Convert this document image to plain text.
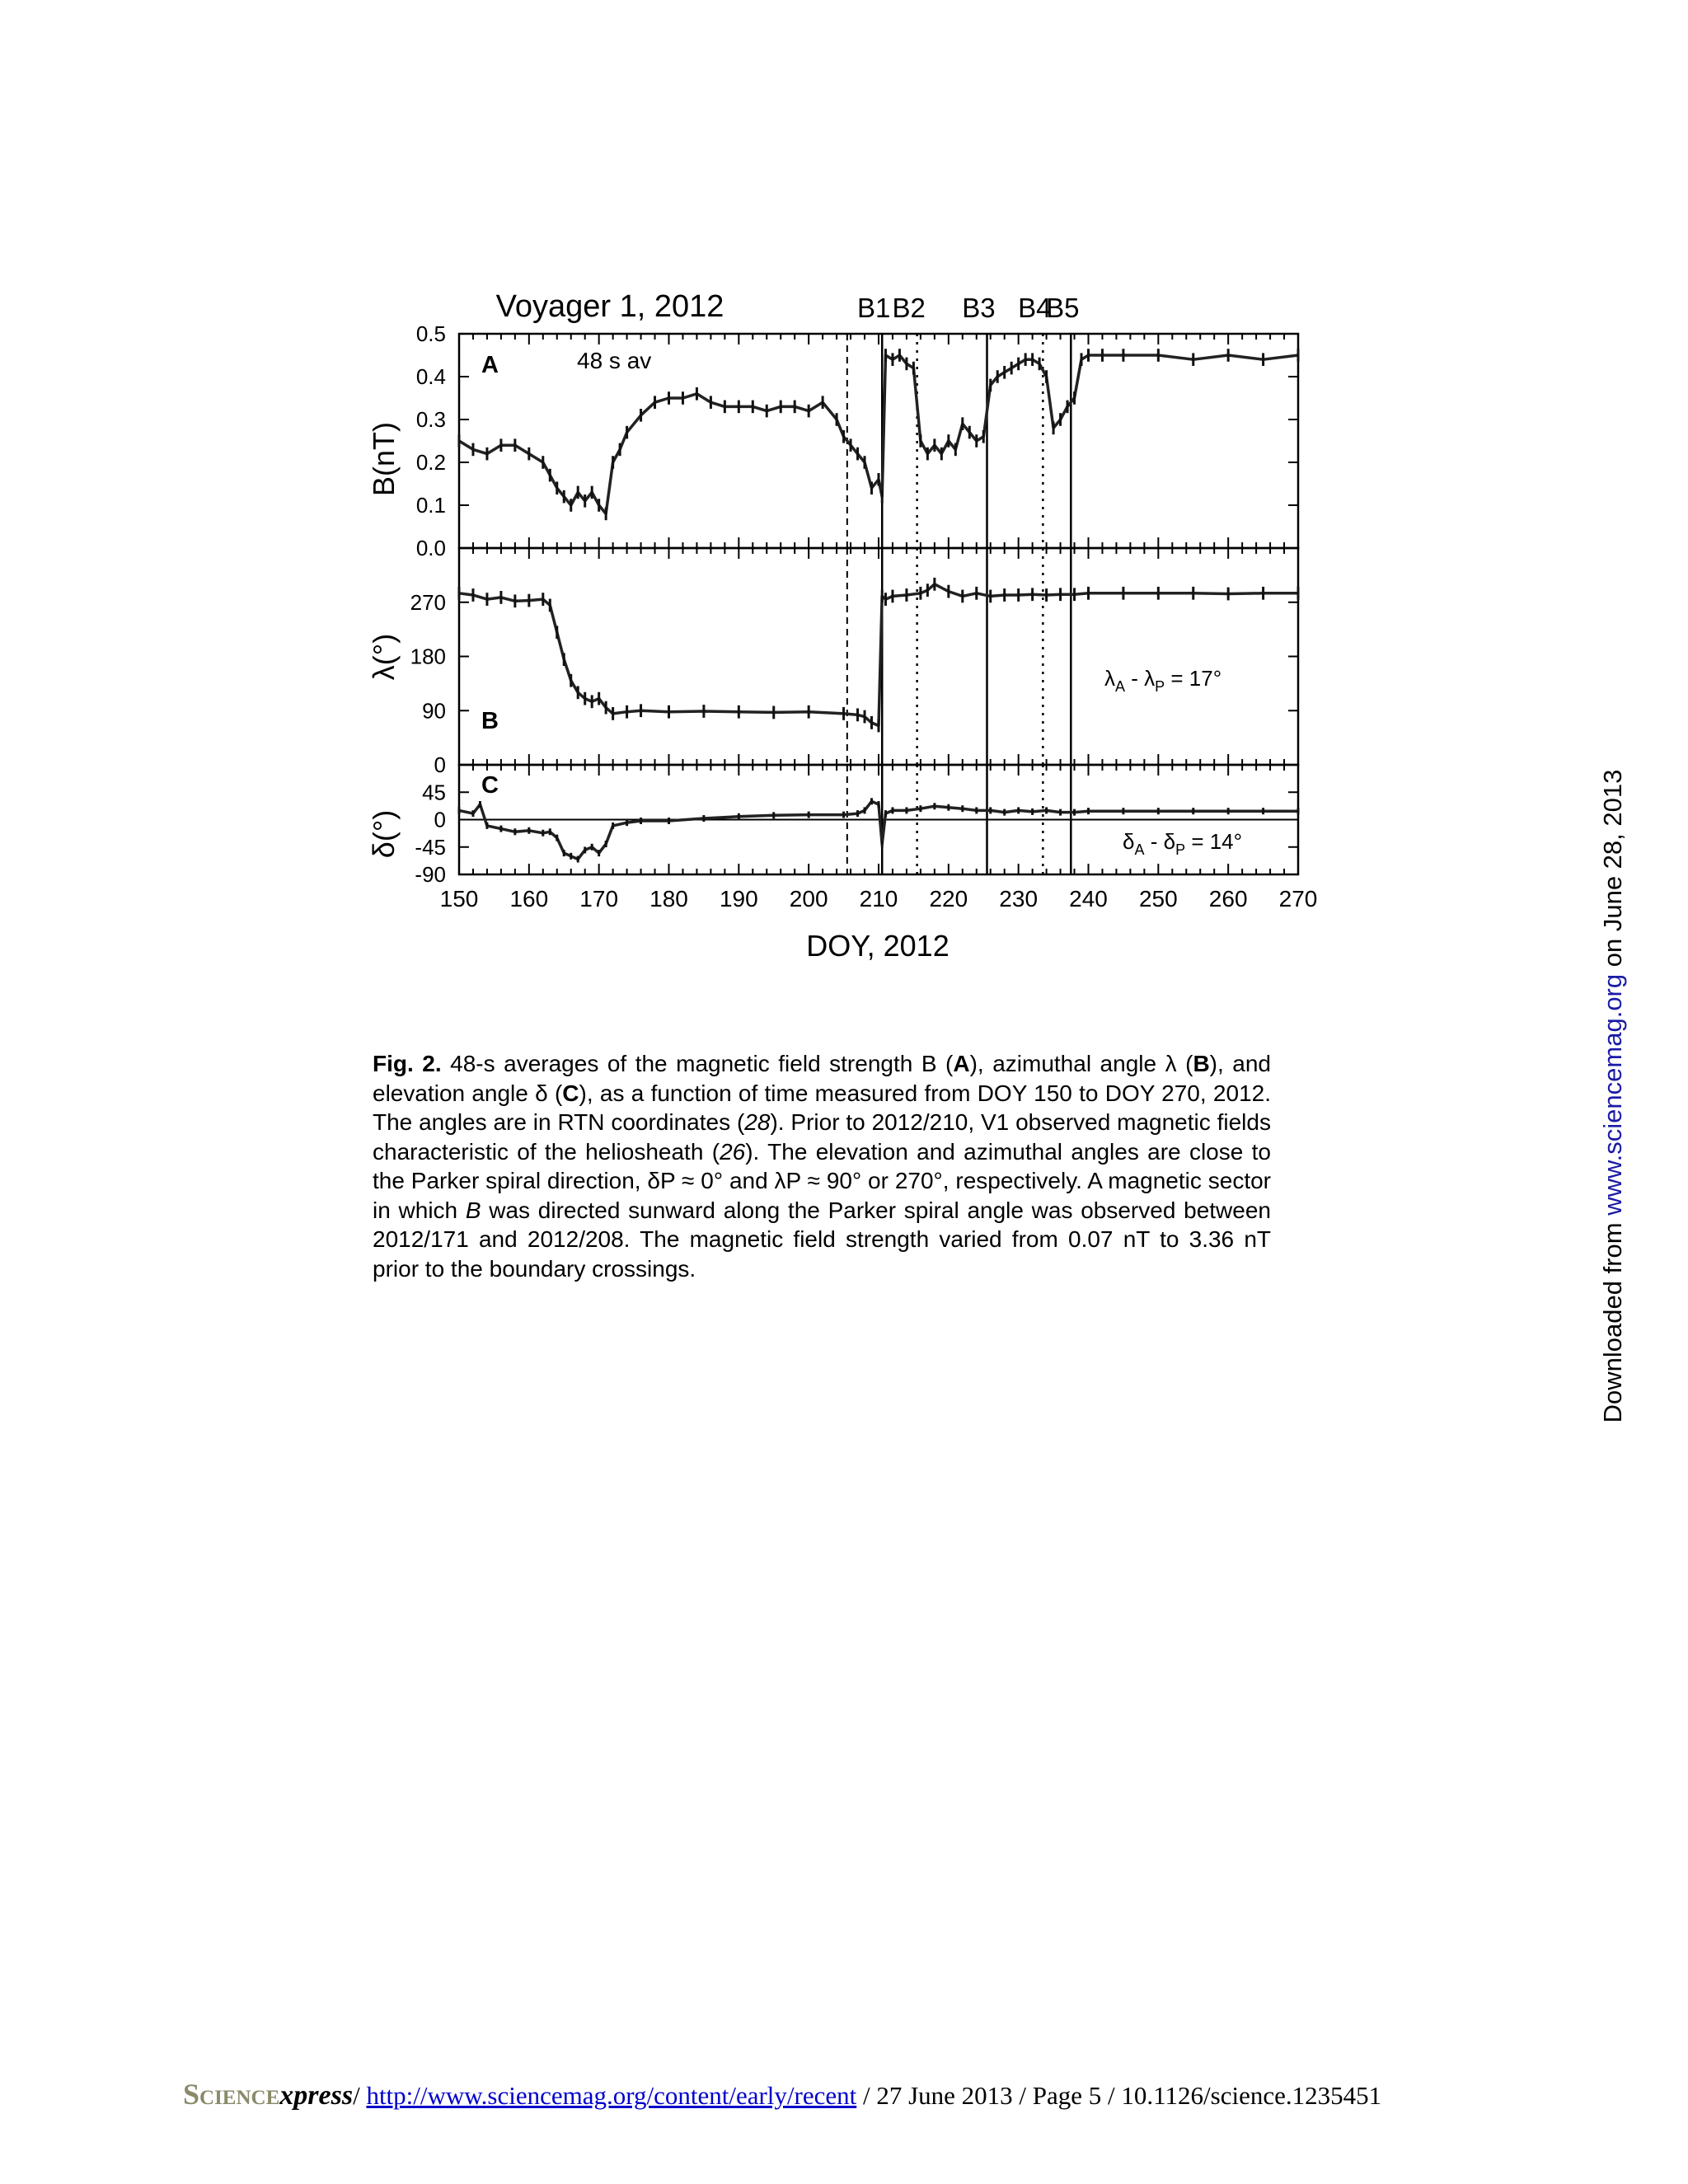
Voyager 1, 2012	B1 B2 B3 B4
B5
A	48 s av
B
C
B(nT)
λ(°)
δ(°)
$\lambda_A - \lambda_P = 17^\circ$
$\delta_A - \delta_P = 14^\circ$
0.0
0.1
0.2
0.3
0.4
0.5
0
90
180
270
-90
-45
0
45
150 160 170 180 190 200 210 220 230 240 250 260 270
DOY, 2012
Fig. 2. 48-s averages of the magnetic field strength B (A), azimuthal angle λ (B), and elevation angle δ (C), as a function of time measured from DOY 150 to DOY 270, 2012. The angles are in RTN coordinates (28). Prior to 2012/210, V1 observed magnetic fields characteristic of the heliosheath (26). The elevation and azimuthal angles are close to the Parker spiral direction, δP ≈ 0° and λP ≈ 90° or 270°, respectively. A magnetic sector in which B was directed sunward along the Parker spiral angle was observed between 2012/171 and 2012/208. The magnetic field strength varied from 0.07 nT to 3.36 nT prior to the boundary crossings.	Downloaded from www.sciencemag.org on June 28, 2013
Sciencexpress/ http://www.sciencemag.org/content/early/recent / 27 June 2013 / Page 5 / 10.1126/science.1235451
